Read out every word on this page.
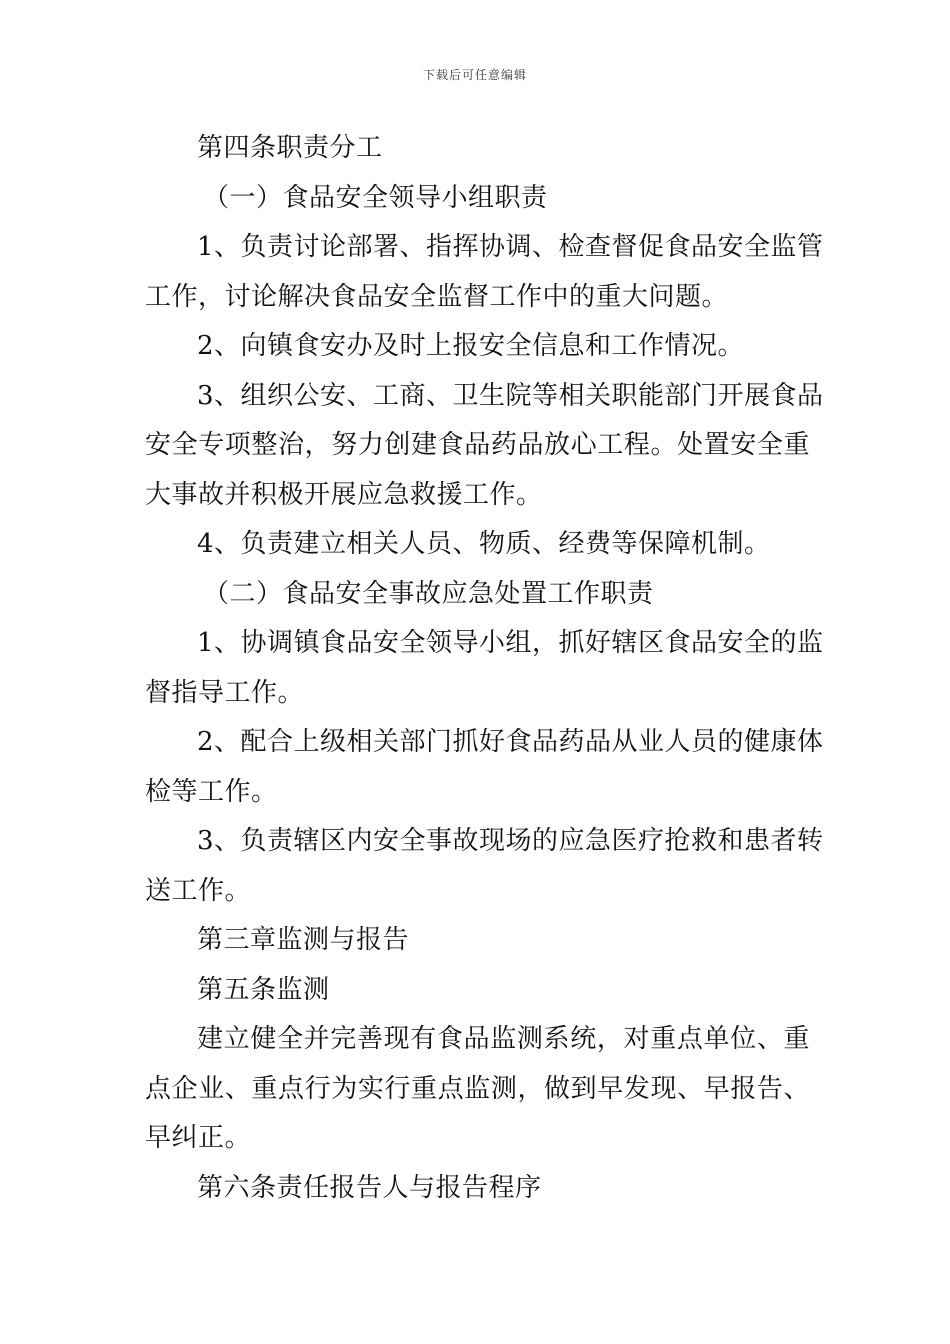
下载后可任意编辑
第四条职责分工
（一）食品安全领导小组职责
1、负责讨论部署、指挥协调、检查督促食品安全监管
工作，讨论解决食品安全监督工作中的重大问题。
2、向镇食安办及时上报安全信息和工作情况。
3、组织公安、工商、卫生院等相关职能部门开展食品
安全专项整治，努力创建食品药品放心工程。处置安全重
大事故并积极开展应急救援工作。
4、负责建立相关人员、物质、经费等保障机制。
（二）食品安全事故应急处置工作职责
1、协调镇食品安全领导小组，抓好辖区食品安全的监
督指导工作。
2、配合上级相关部门抓好食品药品从业人员的健康体
检等工作。
3、负责辖区内安全事故现场的应急医疗抢救和患者转
送工作。
第三章监测与报告
第五条监测
建立健全并完善现有食品监测系统，对重点单位、重
点企业、重点行为实行重点监测，做到早发现、早报告、
早纠正。
第六条责任报告人与报告程序
